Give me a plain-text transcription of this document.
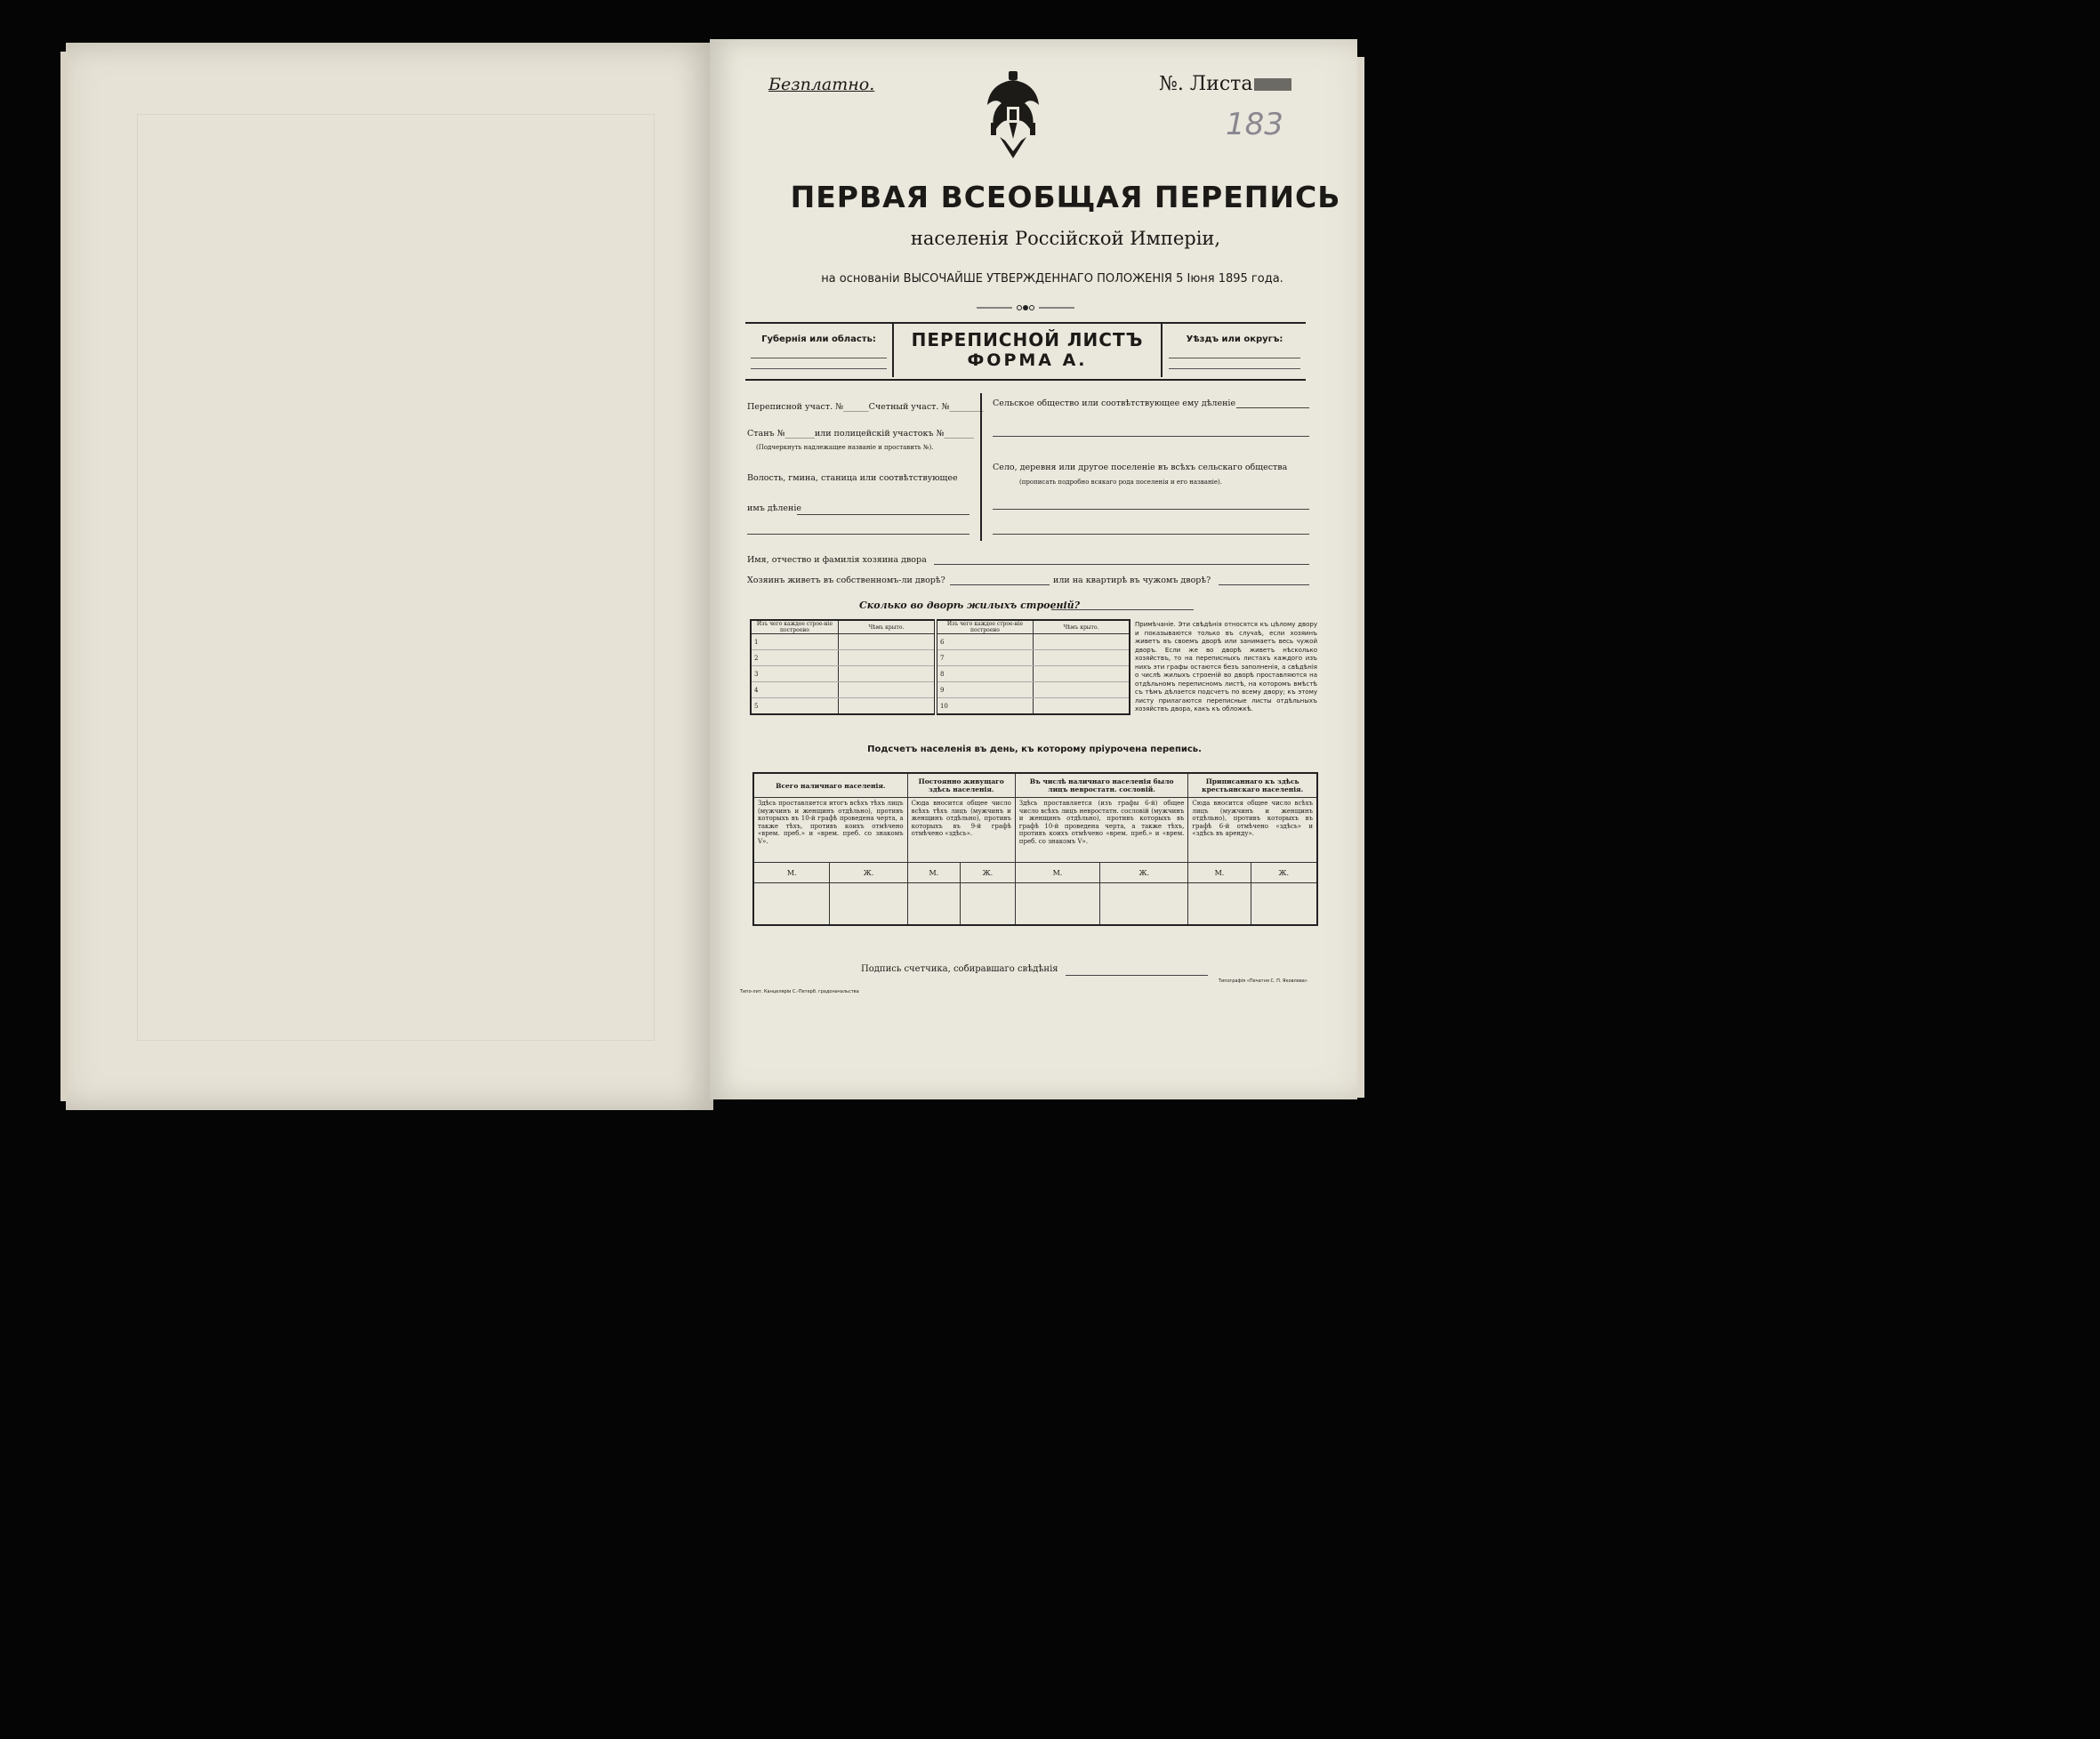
Безплатно.	№. Листа
183
ПЕРВАЯ ВСЕОБЩАЯ ПЕРЕПИСЬ
населенія Россійской Имперіи,
на основаніи ВЫСОЧАЙШЕ УТВЕРЖДЕННАГО ПОЛОЖЕНІЯ 5 Іюня 1895 года.
Губернія или область:	ПЕРЕПИСНОЙ ЛИСТЪ
ФОРМА А.
Уѣздъ или округъ:
Переписной участ. №______Счетный участ. №________
Станъ №_______или полицейскій участокъ №_______
(Подчеркнуть надлежащее названіе и проставить №).
Волость, гмина, станица или соотвѣтствующее
имъ дѣленіе
Сельское общество или соотвѣтствующее ему дѣленіе
Село, деревня или другое поселеніе въ всѣхъ сельскаго общества
(прописать подробно всякаго рода поселенія и его названіе).
Имя, отчество и фамилія хозяина двора
Хозяинъ живетъ въ собственномъ-ли дворѣ?	или на квартирѣ въ чужомъ дворѣ?
Сколько во дворѣ жилыхъ строеній?
Изъ чего каждое строе-ніе построено	Чѣмъ крыто.	Изъ чего каждое строе-ніе построено	Чѣмъ крыто.
1		6	
2		7	
3		8	
4		9	
5		10	
Примѣчаніе. Эти свѣдѣнія относятся къ цѣлому двору и показываются только въ случаѣ, если хозяинъ живетъ въ своемъ дворѣ или занимаетъ весь чужой дворъ. Если же во дворѣ живетъ нѣсколько хозяйствъ, то на переписныхъ листахъ каждого изъ нихъ эти графы остаются безъ заполненія, а свѣдѣнія о числѣ жилыхъ строеній во дворѣ проставляются на отдѣльномъ переписномъ листѣ, на которомъ вмѣстѣ съ тѣмъ дѣлается подсчетъ по всему двору; къ этому листу прилагаются переписные листы отдѣльныхъ хозяйствъ двора, какъ къ обложкѣ.
Подсчетъ населенія въ день, къ которому пріурочена перепись.
Всего наличнаго населенія.		Постоянно живущаго здѣсь населенія.		Въ числѣ наличнаго населенія было лицъ невростатн. сословій.		Приписаннаго къ здѣсь крестьянскаго населенія.	
Здѣсь проставляется итогъ всѣхъ тѣхъ лицъ (мужчинъ и женщинъ отдѣльно), противъ которыхъ въ 10-й графѣ проведена черта, а также тѣхъ, противъ коихъ отмѣчено «врем. преб.» и «врем. преб. со знакомъ V».		Сюда вносится общее число всѣхъ тѣхъ лицъ (мужчинъ и женщинъ отдѣльно), противъ которыхъ въ 9-й графѣ отмѣчено «здѣсь».		Здѣсь проставляется (изъ графы 6-й) общее число всѣхъ лицъ невростатн. сословій (мужчинъ и женщинъ отдѣльно), противъ которыхъ въ графѣ 10-й проведена черта, а также тѣхъ, противъ коихъ отмѣчено «врем. преб.» и «врем. преб. со знакомъ V».		Сюда вносится общее число всѣхъ лицъ (мужчинъ и женщинъ отдѣльно), противъ которыхъ въ графѣ 6-й отмѣчено «здѣсь» и «здѣсь въ аренду».	
М.	Ж.	М.	Ж.	М.	Ж.	М.	Ж.

Подпись счетчика, собиравшаго свѣдѣнія
Типо-лит. Канцеляріи С.-Петерб. градоначальства
Типографія «Печатня С. П. Яковлева»
